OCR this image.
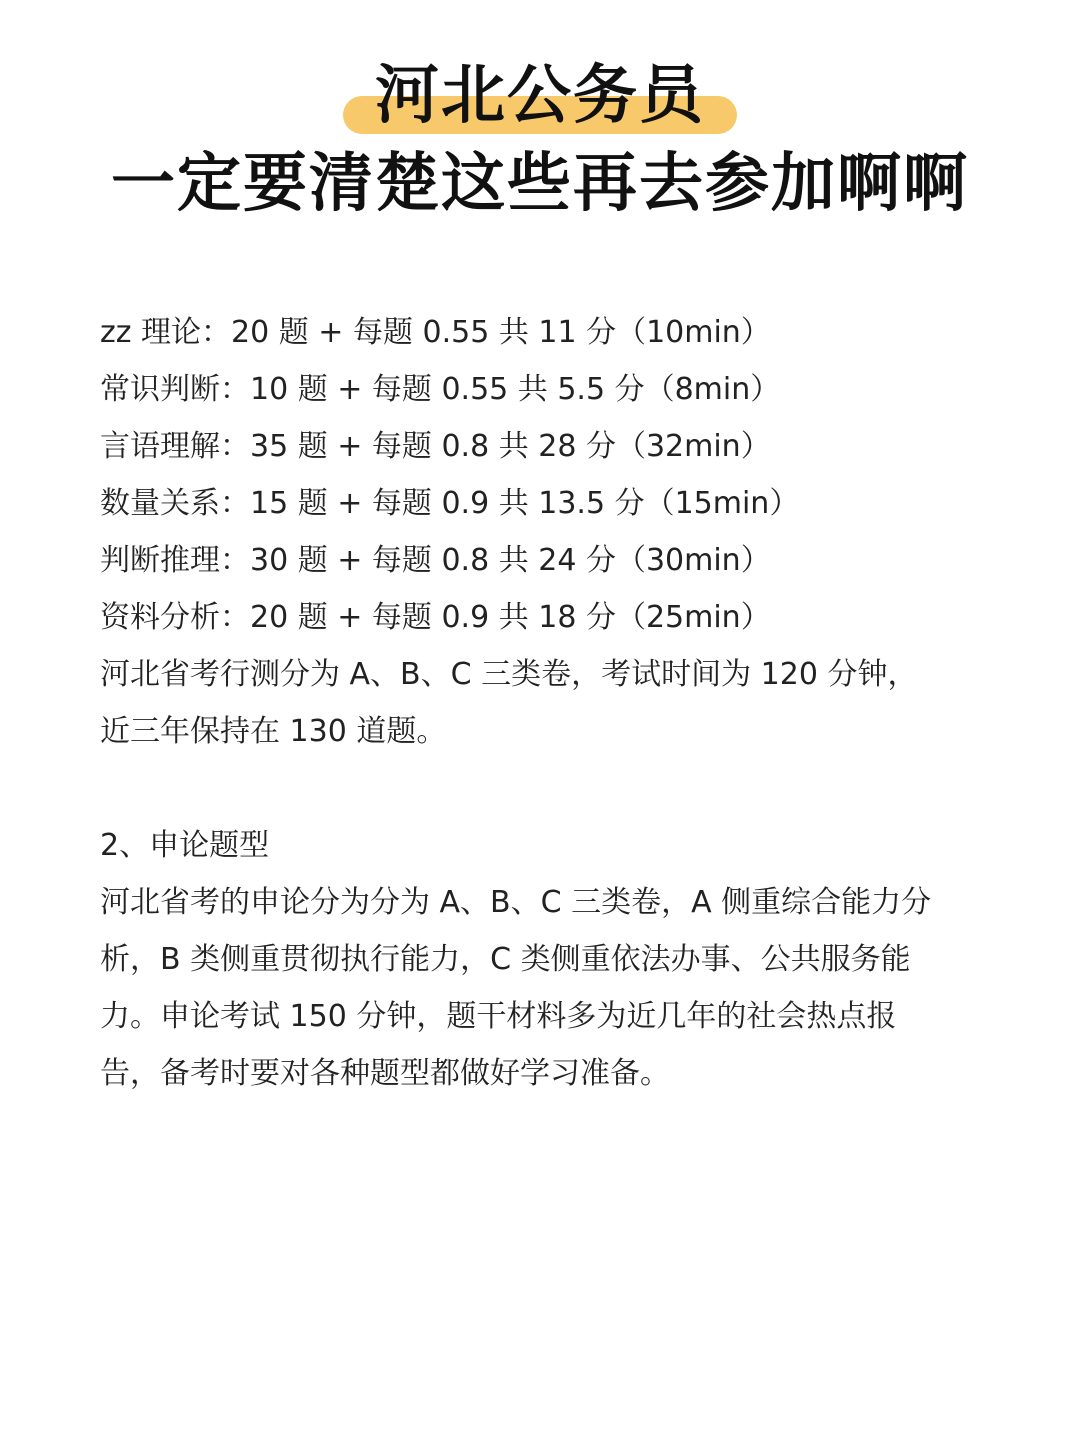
河北公务员
一定要清楚这些再去参加啊啊
zz 理论：20 题 + 每题 0.55 共 11 分（10min）
常识判断：10 题 + 每题 0.55 共 5.5 分（8min）
言语理解：35 题 + 每题 0.8 共 28 分（32min）
数量关系：15 题 + 每题 0.9 共 13.5 分（15min）
判断推理：30 题 + 每题 0.8 共 24 分（30min）
资料分析：20 题 + 每题 0.9 共 18 分（25min）
河北省考行测分为 A、B、C 三类卷，考试时间为 120 分钟，
近三年保持在 130 道题。
2、申论题型
河北省考的申论分为分为 A、B、C 三类卷，A 侧重综合能力分
析，B 类侧重贯彻执行能力，C 类侧重依法办事、公共服务能
力。申论考试 150 分钟，题干材料多为近几年的社会热点报
告，备考时要对各种题型都做好学习准备。
